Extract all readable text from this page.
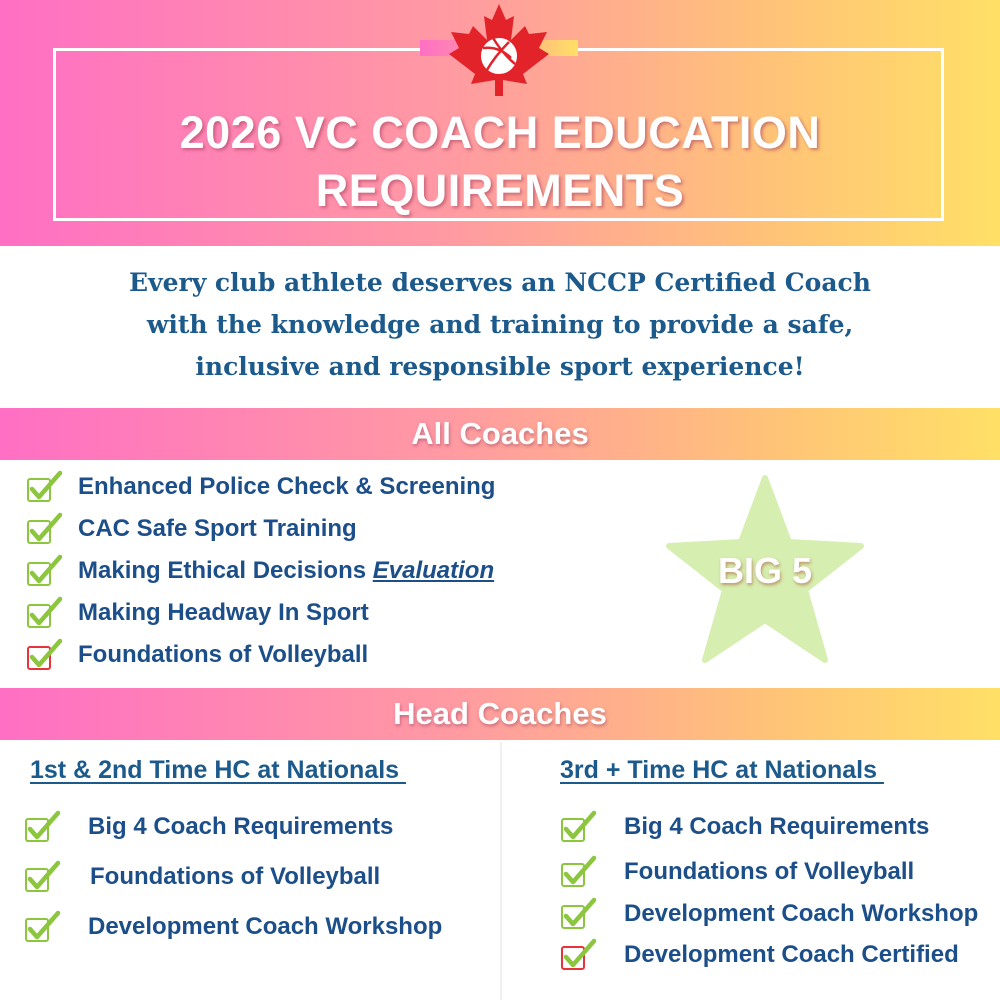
2026 VC COACH EDUCATION
REQUIREMENTS
Every club athlete deserves an NCCP Certified Coach
with the knowledge and training to provide a safe,
inclusive and responsible sport experience!
All Coaches
Enhanced Police Check & Screening
CAC Safe Sport Training
Making Ethical Decisions Evaluation
Making Headway In Sport
Foundations of Volleyball
BIG 5
Head Coaches
1st & 2nd Time HC at Nationals	3rd + Time HC at Nationals
Big 4 Coach Requirements
Foundations of Volleyball
Development Coach Workshop
Big 4 Coach Requirements
Foundations of Volleyball
Development Coach Workshop
Development Coach Certified
